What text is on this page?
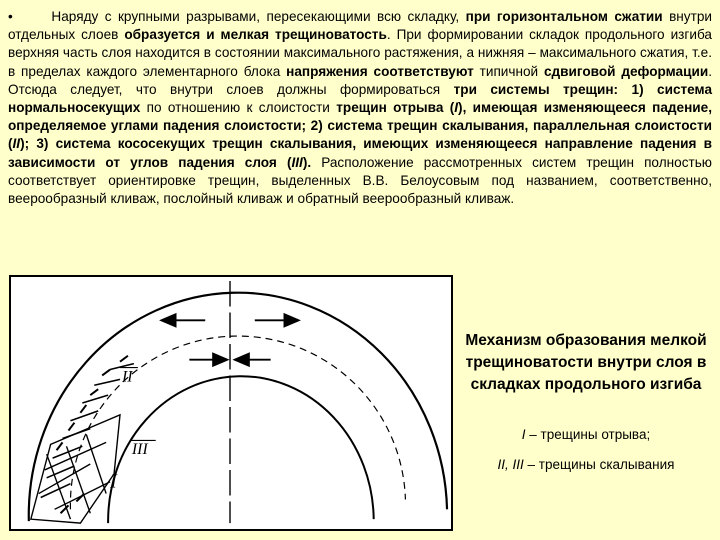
•	Наряду с крупными разрывами, пересекающими всю складку, при горизонтальном сжатии внутри отдельных слоев образуется и мелкая трещиноватость. При формировании складок продольного изгиба верхняя часть слоя находится в состоянии максимального растяжения, а нижняя – максимального сжатия, т.е. в пределах каждого элементарного блока напряжения соответствуют типичной сдвиговой деформации. Отсюда следует, что внутри слоев должны формироваться три системы трещин: 1) система нормальносекущих по отношению к слоистости трещин отрыва (I), имеющая изменяющееся падение, определяемое углами падения слоистости; 2) система трещин скалывания, параллельная слоистости (II); 3) система кососекущих трещин скалывания, имеющих изменяющееся направление падения в зависимости от углов падения слоя (III). Расположение рассмотренных систем трещин полностью соответствует ориентировке трещин, выделенных В.В. Белоусовым под названием, соответственно, веерообразный кливаж, послойный кливаж и обратный веерообразный кливаж.
II
III
I
Механизм образования мелкой трещиноватости внутри слоя в складках продольного изгиба
I – трещины отрыва;
II, III – трещины скалывания
